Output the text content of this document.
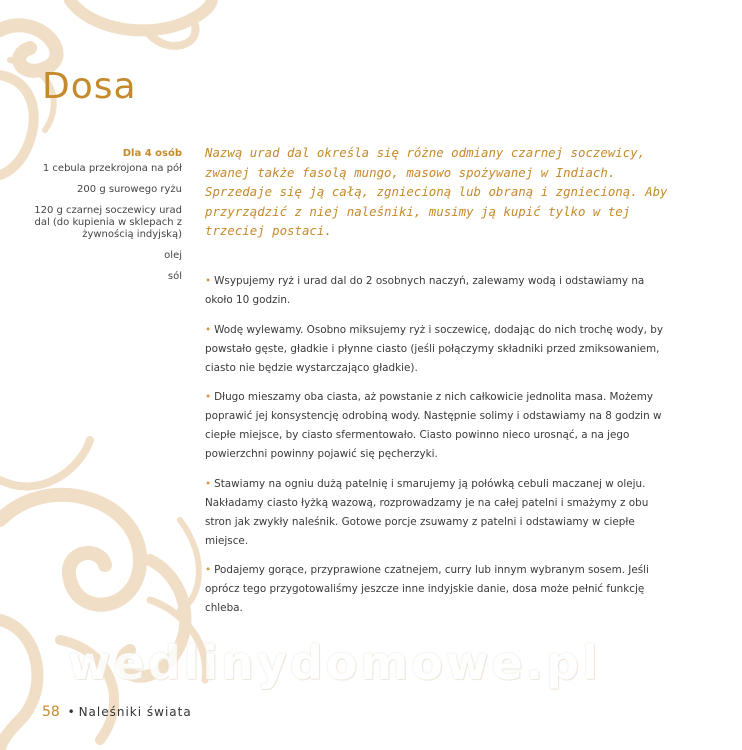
Dosa
Dla 4 osób
1 cebula przekrojona na pół
200 g surowego ryżu
120 g czarnej soczewicy urad dal (do kupienia w sklepach z żywnością indyjską)
olej
sól
Nazwą urad dal określa się różne odmiany czarnej soczewicy, zwanej także fasolą mungo, masowo spożywanej w Indiach. Sprzedaje się ją całą, zgniecioną lub obraną i zgniecioną. Aby przyrządzić z niej naleśniki, musimy ją kupić tylko w tej trzeciej postaci.

• Wsypujemy ryż i urad dal do 2 osobnych naczyń, zalewamy wodą i odstawiamy na około 10 godzin.

• Wodę wylewamy. Osobno miksujemy ryż i soczewicę, dodając do nich trochę wody, by powstało gęste, gładkie i płynne ciasto (jeśli połączymy składniki przed zmiksowaniem, ciasto nie będzie wystarczająco gładkie).

• Długo mieszamy oba ciasta, aż powstanie z nich całkowicie jednolita masa. Możemy poprawić jej konsystencję odrobiną wody. Następnie solimy i odstawiamy na 8 godzin w ciepłe miejsce, by ciasto sfermentowało. Ciasto powinno nieco urosnąć, a na jego powierzchni powinny pojawić się pęcherzyki.

• Stawiamy na ogniu dużą patelnię i smarujemy ją połówką cebuli maczanej w oleju. Nakładamy ciasto łyżką wazową, rozprowadzamy je na całej patelni i smażymy z obu stron jak zwykły naleśnik. Gotowe porcje zsuwamy z patelni i odstawiamy w ciepłe miejsce.

• Podajemy gorące, przyprawione czatnejem, curry lub innym wybranym sosem. Jeśli oprócz tego przygotowaliśmy jeszcze inne indyjskie danie, dosa może pełnić funkcję chleba.

wedlinydomowe.pl
58 • Naleśniki świata
